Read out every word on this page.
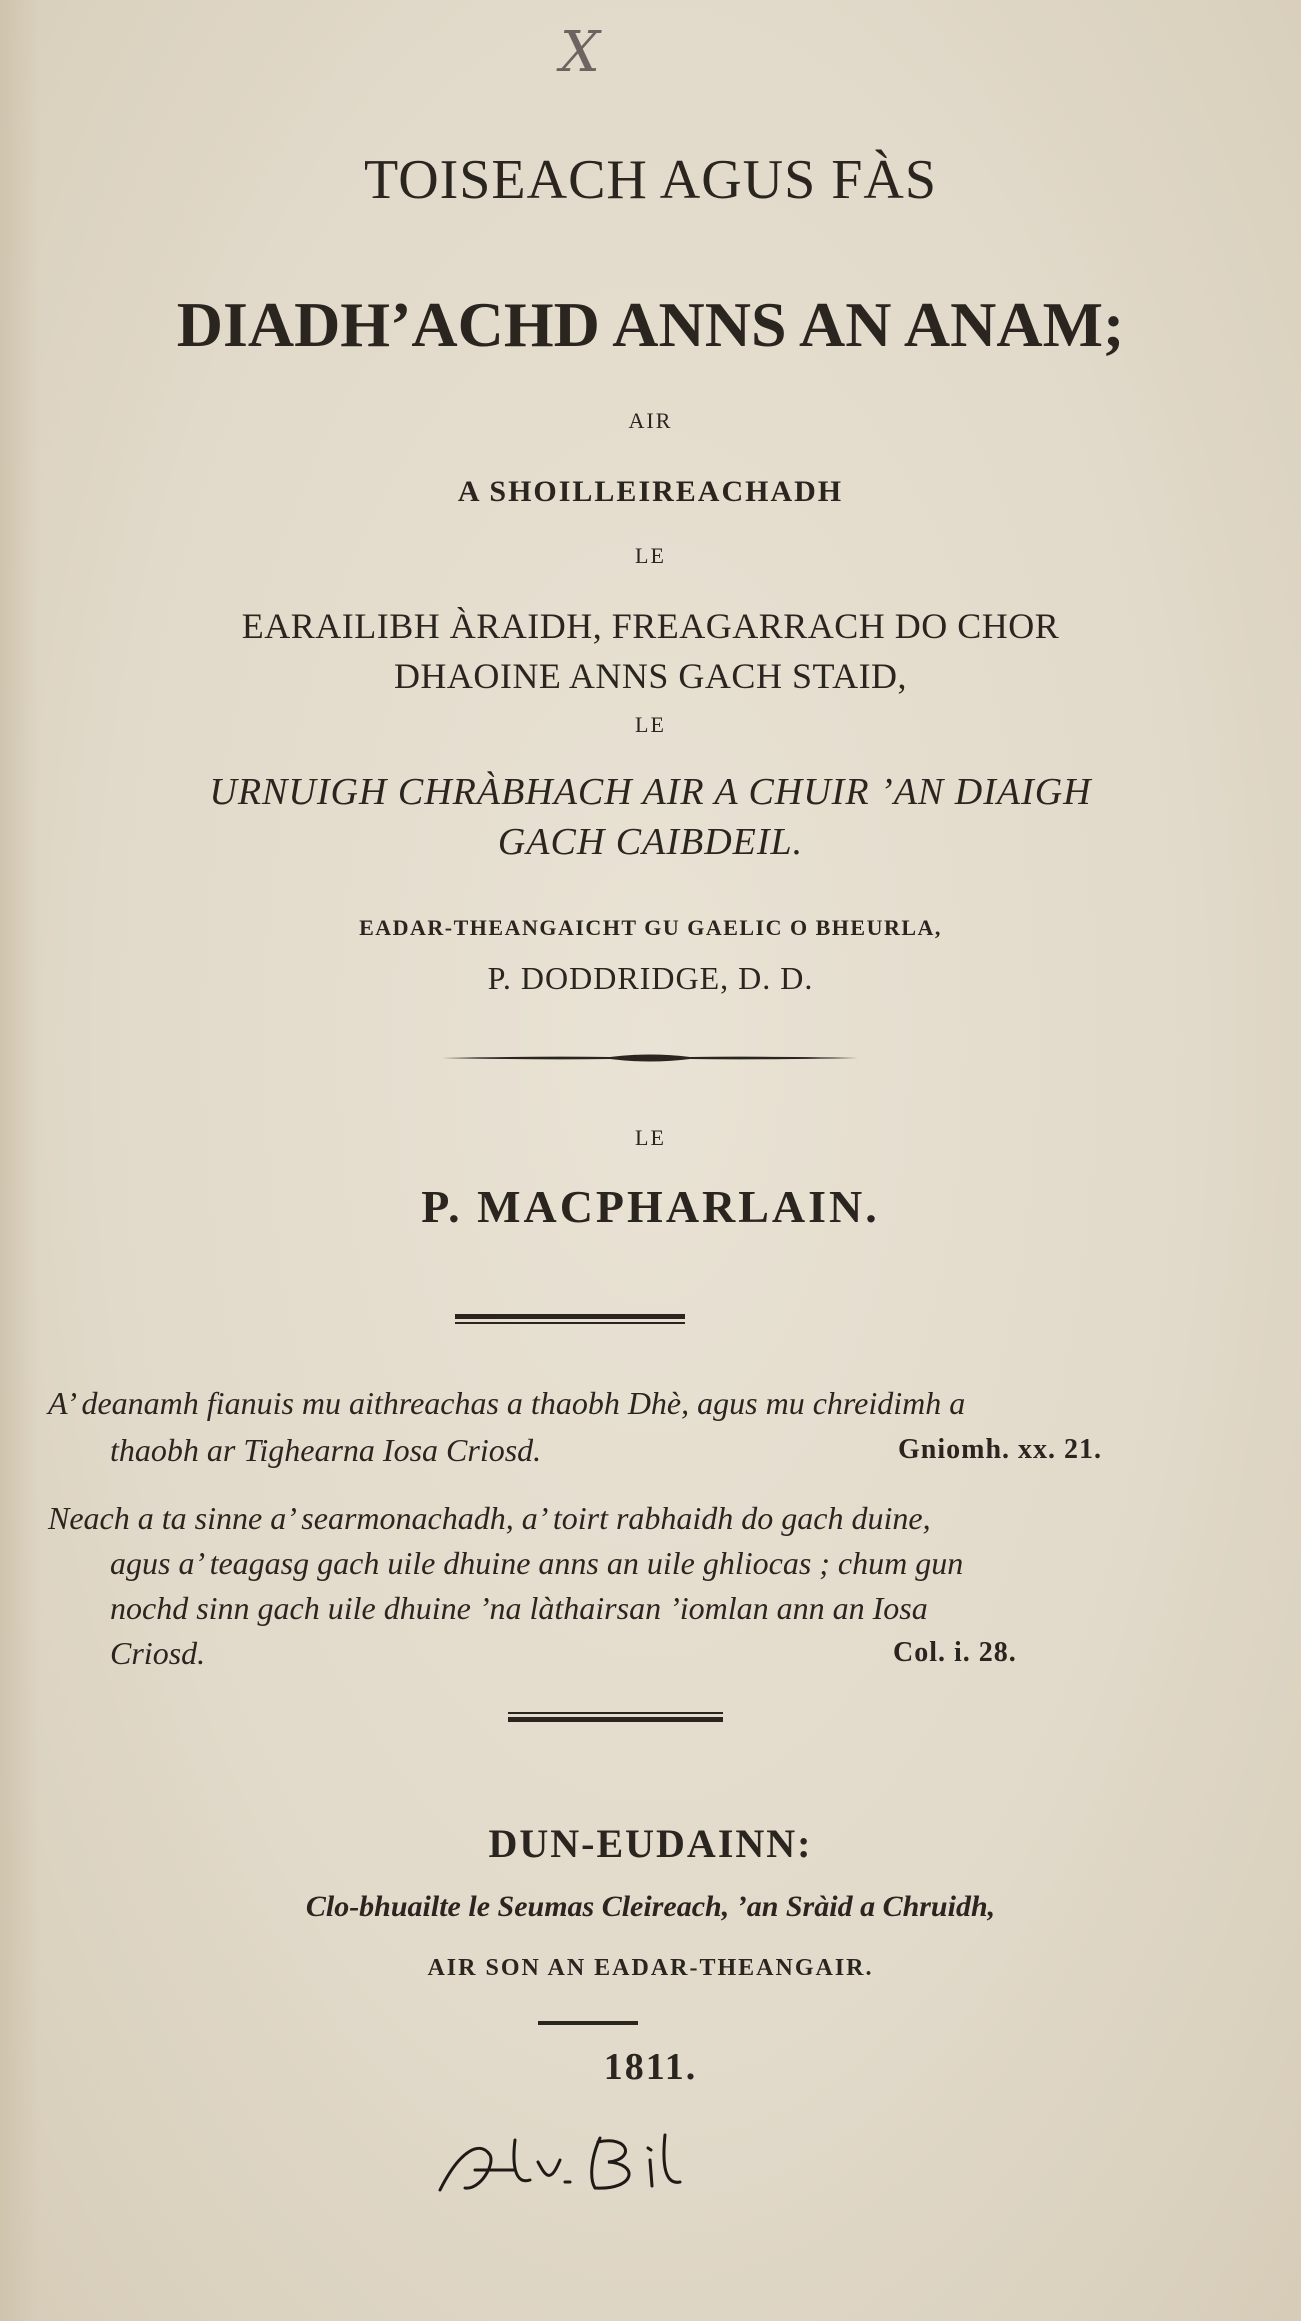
X
TOISEACH AGUS FÀS
DIADH’ACHD ANNS AN ANAM;
AIR
A SHOILLEIREACHADH
LE
EARAILIBH ÀRAIDH, FREAGARRACH DO CHOR
DHAOINE ANNS GACH STAID,
LE
URNUIGH CHRÀBHACH AIR A CHUIR ’AN DIAIGH
GACH CAIBDEIL.
EADAR-THEANGAICHT GU GAELIC O BHEURLA,
P. DODDRIDGE, D. D.
LE
P. MACPHARLAIN.
A’ deanamh fianuis mu aithreachas a thaobh Dhè, agus mu chreidimh a
thaobh ar Tighearna Iosa Criosd.	Gniomh. xx. 21.
Neach a ta sinne a’ searmonachadh, a’ toirt rabhaidh do gach duine,
agus a’ teagasg gach uile dhuine anns an uile ghliocas ; chum gun
nochd sinn gach uile dhuine ’na làthairsan ’iomlan ann an Iosa
Criosd.	Col. i. 28.
DUN-EUDAINN:
Clo-bhuailte le Seumas Cleireach, ’an Sràid a Chruidh,
AIR SON AN EADAR-THEANGAIR.
1811.
